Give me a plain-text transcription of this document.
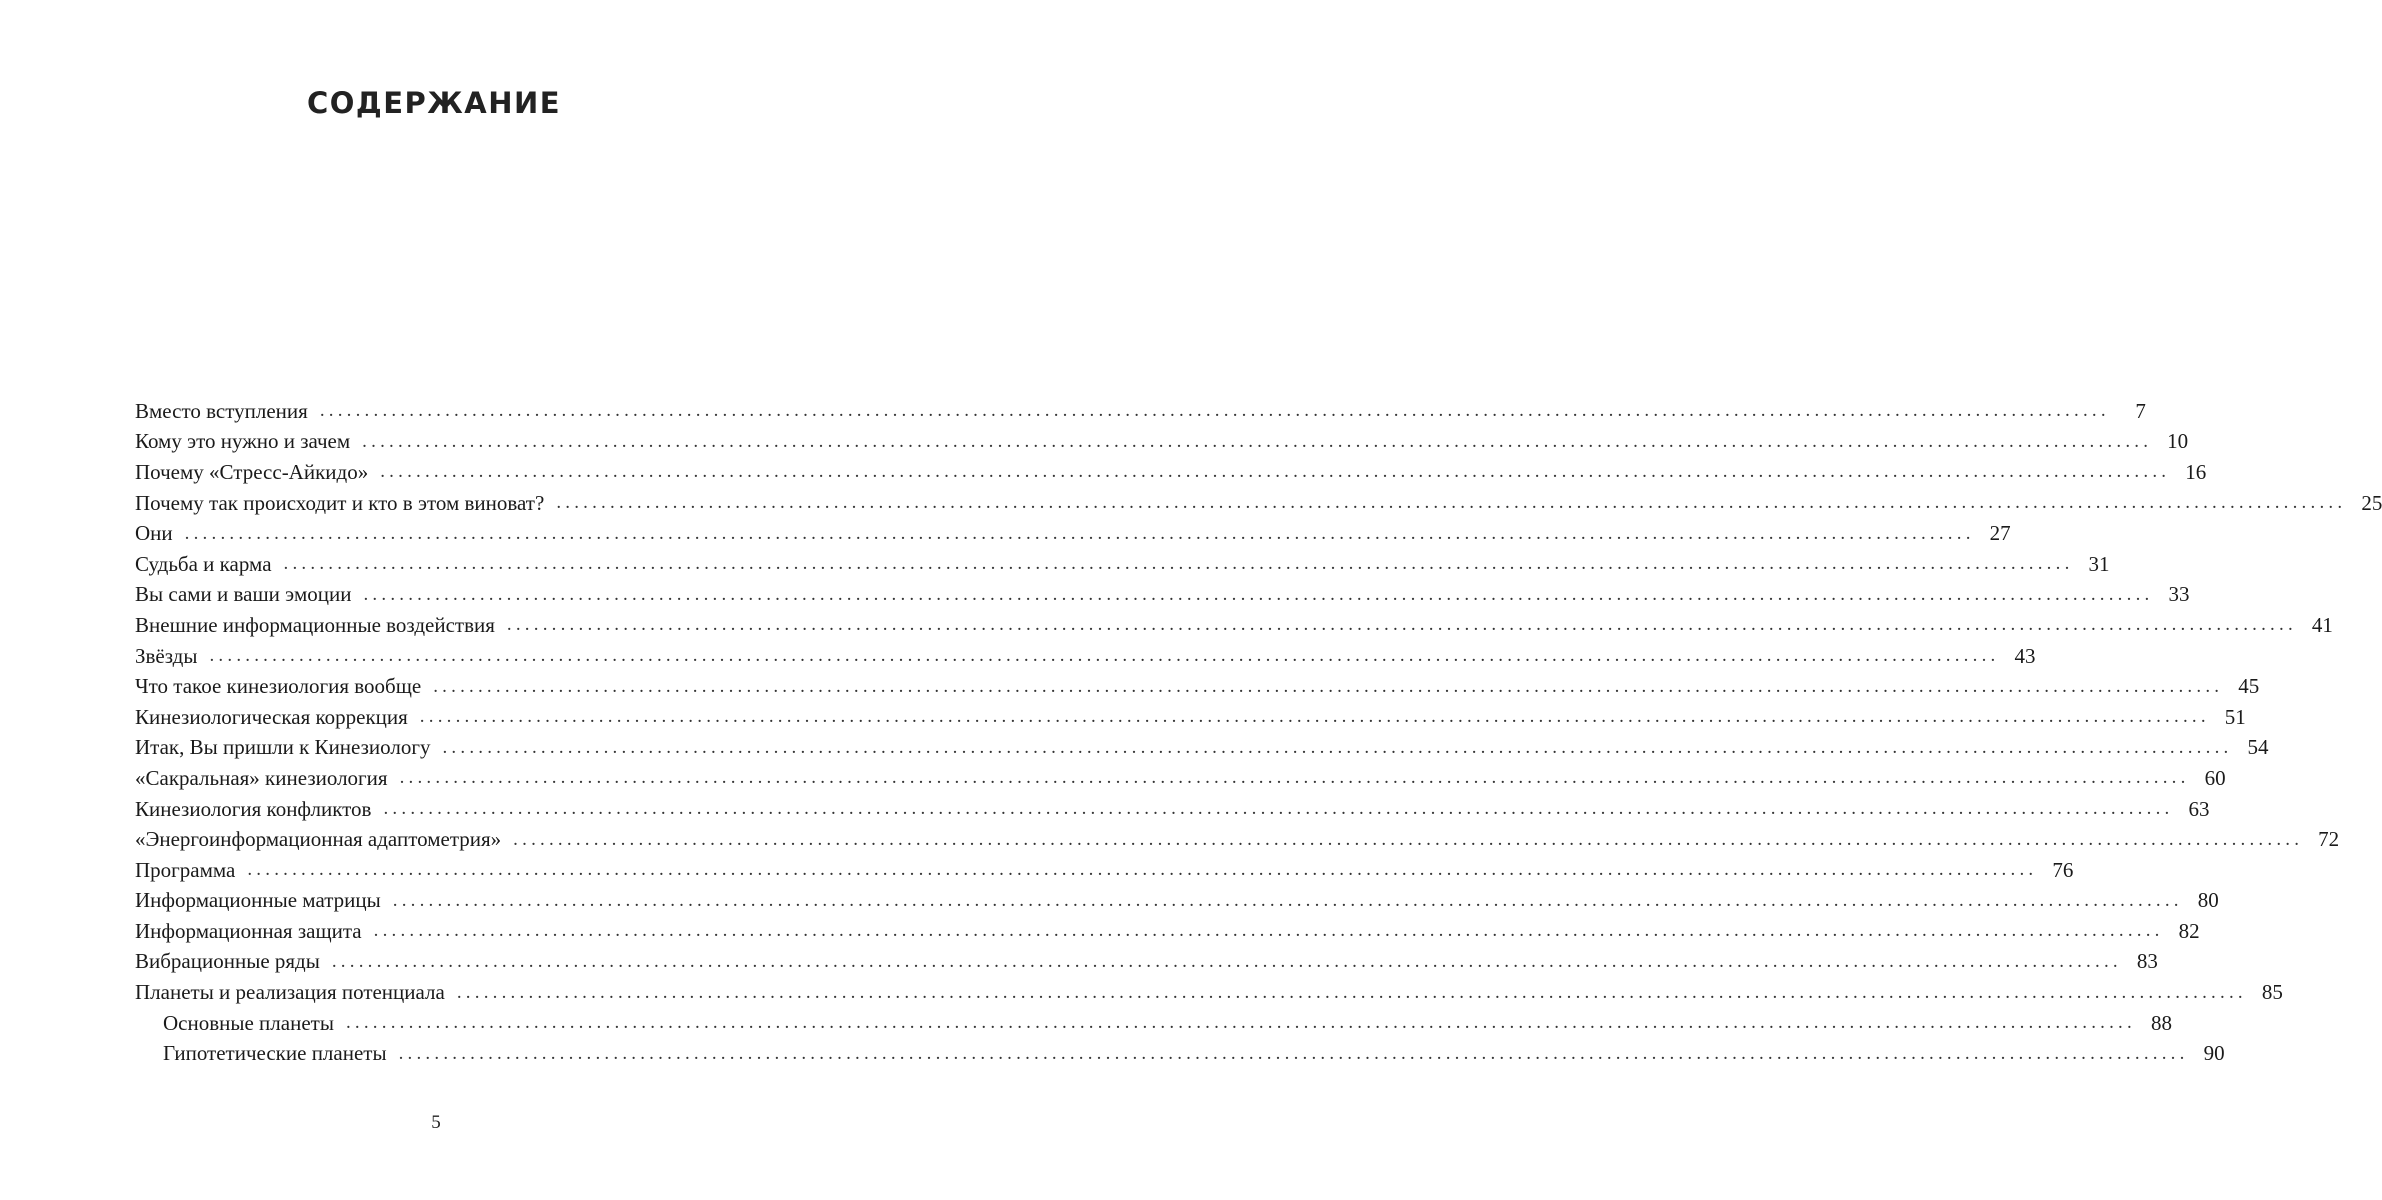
СОДЕРЖАНИЕ
Вместо вступления ........................................................................................................................................................................................................	7
Кому это нужно и зачем ........................................................................................................................................................................................................ 10
Почему «Стресс-Айкидо» ........................................................................................................................................................................................................ 16
Почему так происходит и кто в этом виноват? ........................................................................................................................................................................................................ 25
Они ........................................................................................................................................................................................................ 27
Судьба и карма ........................................................................................................................................................................................................ 31
Вы сами и ваши эмоции ........................................................................................................................................................................................................ 33
Внешние информационные воздействия ........................................................................................................................................................................................................ 41
Звёзды ........................................................................................................................................................................................................ 43
Что такое кинезиология вообще ........................................................................................................................................................................................................ 45
Кинезиологическая коррекция ........................................................................................................................................................................................................ 51
Итак, Вы пришли к Кинезиологу ........................................................................................................................................................................................................ 54
«Сакральная» кинезиология ........................................................................................................................................................................................................ 60
Кинезиология конфликтов ........................................................................................................................................................................................................ 63
«Энергоинформационная адаптометрия» ........................................................................................................................................................................................................ 72
Программа ........................................................................................................................................................................................................ 76
Информационные матрицы ........................................................................................................................................................................................................ 80
Информационная защита ........................................................................................................................................................................................................ 82
Вибрационные ряды ........................................................................................................................................................................................................ 83
Планеты и реализация потенциала ........................................................................................................................................................................................................ 85
Основные планеты ........................................................................................................................................................................................................ 88
Гипотетические планеты ........................................................................................................................................................................................................ 90
5
